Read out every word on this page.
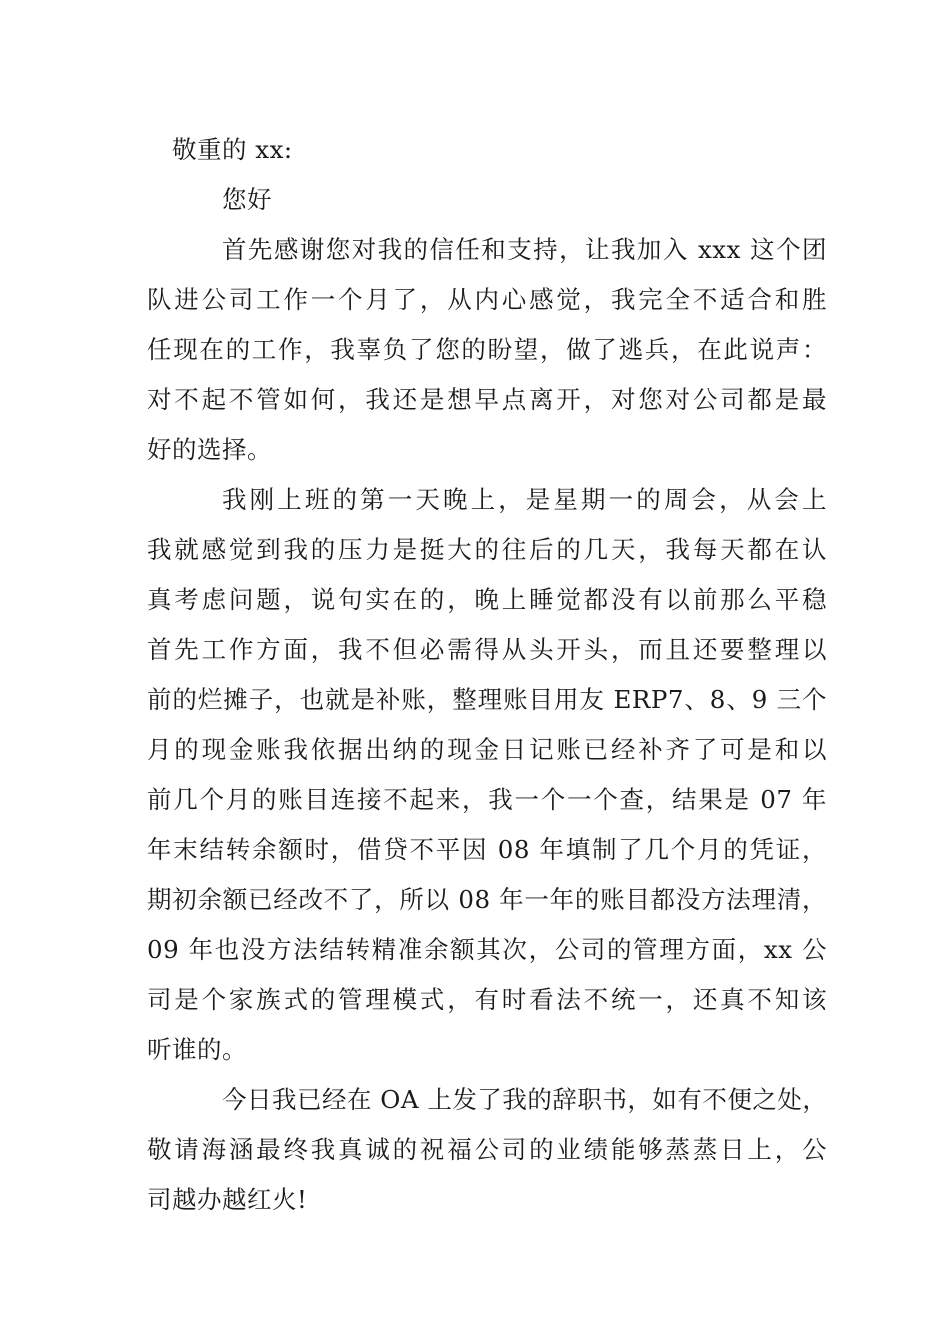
敬重的 xx:
您好
首先感谢您对我的信任和支持，让我加入 xxx 这个团
队进公司工作一个月了，从内心感觉，我完全不适合和胜
任现在的工作，我辜负了您的盼望，做了逃兵，在此说声：
对不起不管如何，我还是想早点离开，对您对公司都是最
好的选择。
我刚上班的第一天晚上，是星期一的周会，从会上
我就感觉到我的压力是挺大的往后的几天，我每天都在认
真考虑问题，说句实在的，晚上睡觉都没有以前那么平稳
首先工作方面，我不但必需得从头开头，而且还要整理以
前的烂摊子，也就是补账，整理账目用友 ERP7、8、9 三个
月的现金账我依据出纳的现金日记账已经补齐了可是和以
前几个月的账目连接不起来，我一个一个查，结果是 07 年
年末结转余额时，借贷不平因 08 年填制了几个月的凭证，
期初余额已经改不了，所以 08 年一年的账目都没方法理清，
09 年也没方法结转精准余额其次，公司的管理方面，xx 公
司是个家族式的管理模式，有时看法不统一，还真不知该
听谁的。
今日我已经在 OA 上发了我的辞职书，如有不便之处，
敬请海涵最终我真诚的祝福公司的业绩能够蒸蒸日上，公
司越办越红火!
